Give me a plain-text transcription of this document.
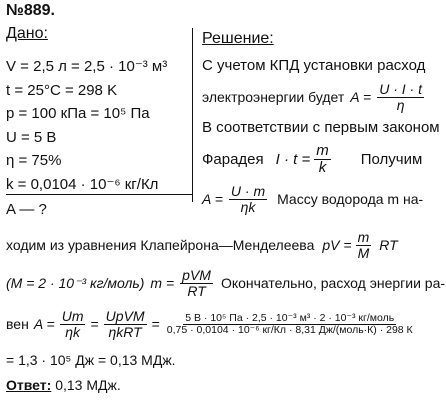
№889.
Дано:
V = 2,5 л = 2,5 · 10⁻³ м³
t = 25°C = 298 K
p = 100 кПа = 10⁵ Па
U = 5 В
η = 75%
k = 0,0104 · 10⁻⁶ кг/Кл
A — ?
Решение:
С учетом КПД установки расход
электроэнергии будет $A = \frac{U \cdot I \cdot t}{\eta}$
В соответствии с первым законом
Фарадея $I \cdot t = \frac{m}{k}$ Получим
$A = \frac{U \cdot m}{\eta k}$ Массу водорода m на-
ходим из уравнения Клапейрона—Менделеева pV = $\frac{m}{M}$ RT
(M = 2 · 10⁻³ кг/моль) $m = \frac{\text{pVM}}{RT}$ Окончательно, расход энергии ра-
вен $A = \frac{Um}{\eta k} = \frac{\text{UpVM}}{\text{ηkRT}} = \frac{\text{5 В · 10⁵ Па · 2,5 · 10⁻³ м³ · 2 · 10⁻³ кг/моль}}{\text{0,75 · 0,0104 · 10⁻⁶ кг/Кл · 8,31 Дж/(моль·К) · 298 К}}$
= 1,3 · 10⁵ Дж = 0,13 МДж.
Ответ: 0,13 МДж.
